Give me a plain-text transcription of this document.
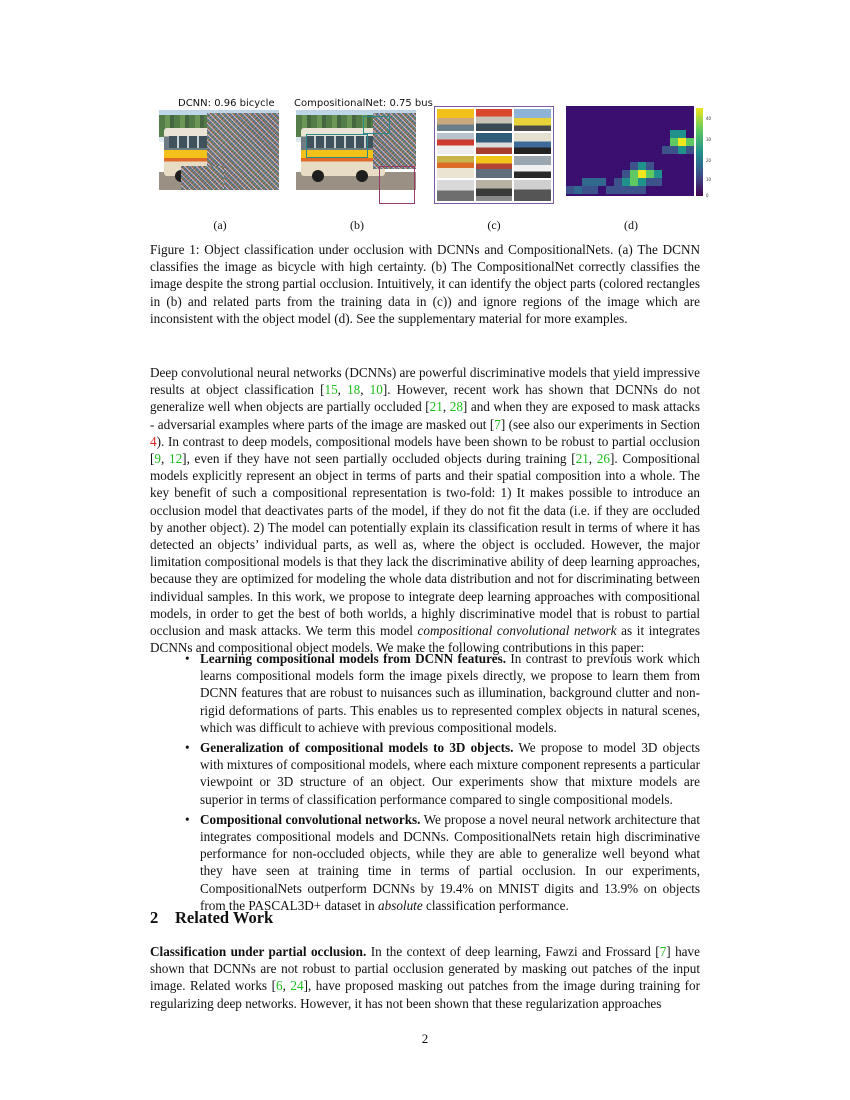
DCNN: 0.96 bicycle CompositionalNet: 0.75 bus
40
30
20
10
0
(a)	(b)	(c)	(d)
Figure 1: Object classification under occlusion with DCNNs and CompositionalNets. (a) The DCNN classifies the image as bicycle with high certainty. (b) The CompositionalNet correctly classifies the image despite the strong partial occlusion. Intuitively, it can identify the object parts (colored rectangles in (b) and related parts from the training data in (c)) and ignore regions of the image which are inconsistent with the object model (d). See the supplementary material for more examples.

Deep convolutional neural networks (DCNNs) are powerful discriminative models that yield impressive results at object classification [15, 18, 10]. However, recent work has shown that DCNNs do not generalize well when objects are partially occluded [21, 28] and when they are exposed to mask attacks - adversarial examples where parts of the image are masked out [7] (see also our experiments in Section 4). In contrast to deep models, compositional models have been shown to be robust to partial occlusion [9, 12], even if they have not seen partially occluded objects during training [21, 26]. Compositional models explicitly represent an object in terms of parts and their spatial composition into a whole. The key benefit of such a compositional representation is two-fold: 1) It makes possible to introduce an occlusion model that deactivates parts of the model, if they do not fit the data (i.e. if they are occluded by another object). 2) The model can potentially explain its classification result in terms of where it has detected an objects’ individual parts, as well as, where the object is occluded. However, the major limitation compositional models is that they lack the discriminative ability of deep learning approaches, because they are optimized for modeling the whole data distribution and not for discriminating between individual samples. In this work, we propose to integrate deep learning approaches with compositional models, in order to get the best of both worlds, a highly discriminative model that is robust to partial occlusion and mask attacks. We term this model compositional convolutional network as it integrates DCNNs and compositional object models. We make the following contributions in this paper:

• Learning compositional models from DCNN features. In contrast to previous work which learns compositional models form the image pixels directly, we propose to learn them from DCNN features that are robust to nuisances such as illumination, background clutter and non-rigid deformations of parts. This enables us to represented complex objects in natural scenes, which was difficult to achieve with previous compositional models.
• Generalization of compositional models to 3D objects. We propose to model 3D objects with mixtures of compositional models, where each mixture component represents a particular viewpoint or 3D structure of an object. Our experiments show that mixture models are superior in terms of classification performance compared to single compositional models.
• Compositional convolutional networks. We propose a novel neural network architecture that integrates compositional models and DCNNs. CompositionalNets retain high discriminative performance for non-occluded objects, while they are able to generalize well beyond what they have seen at training time in terms of partial occlusion. In our experiments, CompositionalNets outperform DCNNs by 19.4% on MNIST digits and 13.9% on objects from the PASCAL3D+ dataset in absolute classification performance.
2 Related Work

Classification under partial occlusion. In the context of deep learning, Fawzi and Frossard [7] have shown that DCNNs are not robust to partial occlusion generated by masking out patches of the input image. Related works [6, 24], have proposed masking out patches from the image during training for regularizing deep networks. However, it has not been shown that these regularization approaches

2
